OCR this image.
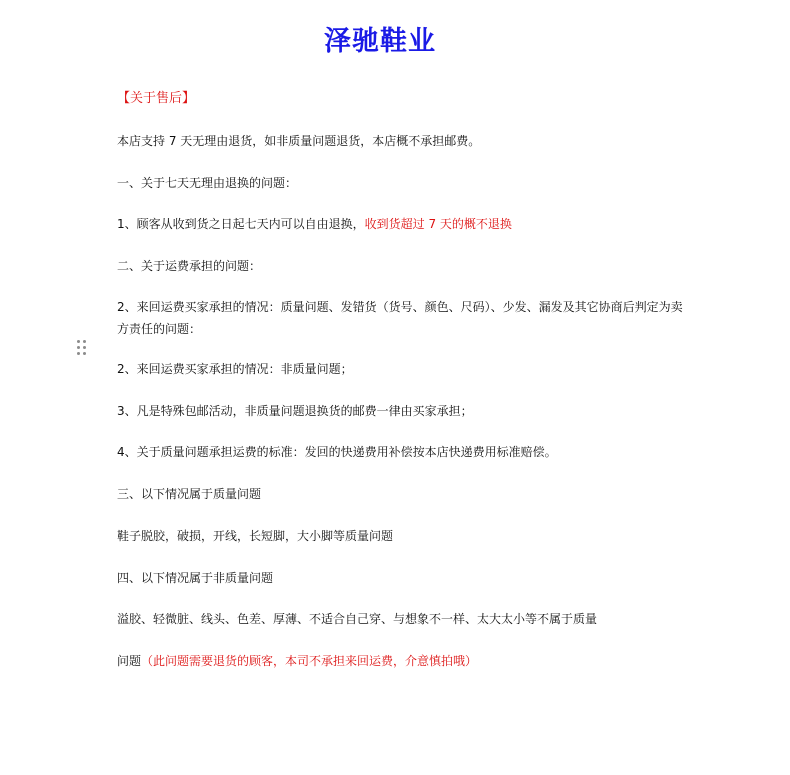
泽驰鞋业
【关于售后】
本店支持 7 天无理由退货，如非质量问题退货，本店概不承担邮费。
一、关于七天无理由退换的问题：
1、顾客从收到货之日起七天内可以自由退换，收到货超过 7 天的概不退换
二、关于运费承担的问题：
2、来回运费买家承担的情况：质量问题、发错货（货号、颜色、尺码）、少发、漏发及其它协商后判定为卖方责任的问题：
2、来回运费买家承担的情况：非质量问题；
3、凡是特殊包邮活动，非质量问题退换货的邮费一律由买家承担；
4、关于质量问题承担运费的标准：发回的快递费用补偿按本店快递费用标准赔偿。
三、以下情况属于质量问题
鞋子脱胶，破损，开线，长短脚，大小脚等质量问题
四、以下情况属于非质量问题
溢胶、轻微脏、线头、色差、厚薄、不适合自己穿、与想象不一样、太大太小等不属于质量
问题（此问题需要退货的顾客，本司不承担来回运费，介意慎拍哦）
